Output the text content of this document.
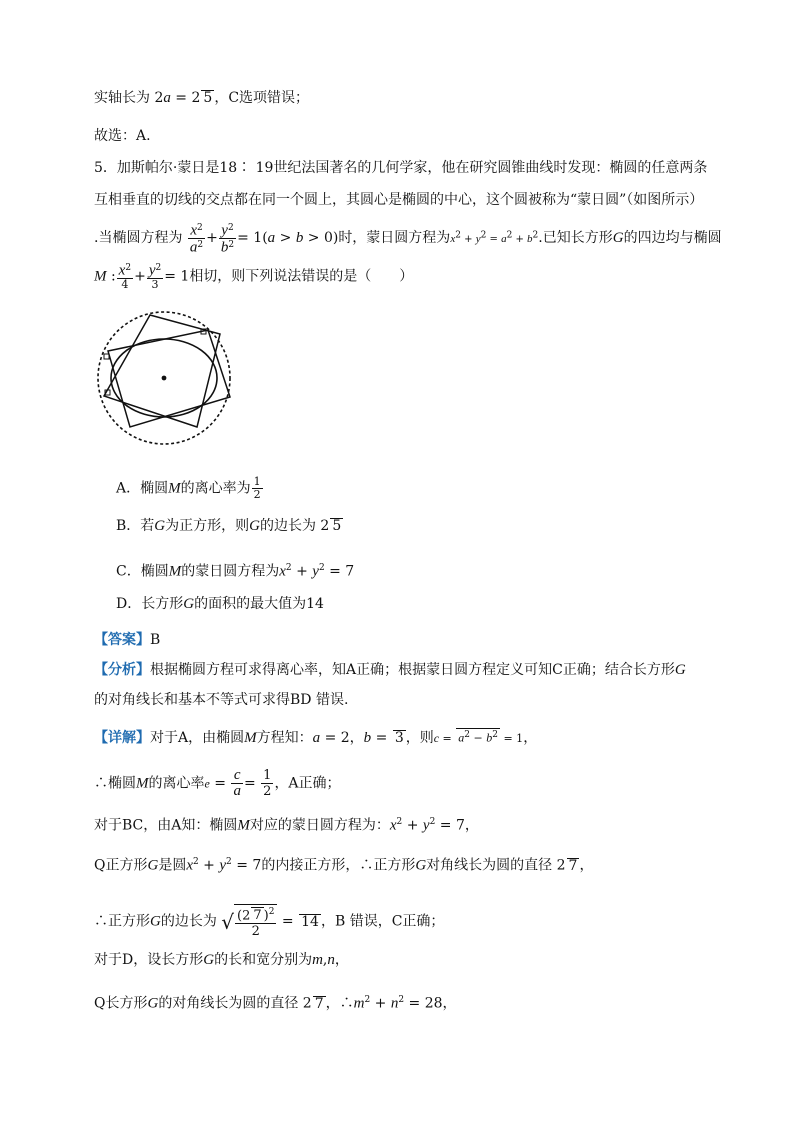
实轴长为 2a = 2 5 ，C选项错误；
故选：A.
5．加斯帕尔·蒙日是18∶ 19世纪法国著名的几何学家，他在研究圆锥曲线时发现：椭圆的任意两条
互相垂直的切线的交点都在同一个圆上，其圆心是椭圆的中心，这个圆被称为“蒙日圆”（如图所示）
.当椭圆方程为 $\frac{x^2}{a^2} + \frac{y^2}{b^2} = 1(a > b > 0)$时，蒙日圆方程为$x^2 + y^2 = a^2 + b^2$.已知长方形G的四边均与椭圆
M : $\frac{x^2}{4} + \frac{y^2}{3} = 1$相切，则下列说法错误的是（　　）
A．椭圆M的离心率为 $\frac{1}{2}$
B．若G为正方形，则G的边长为 2 5
C．椭圆M的蒙日圆方程为$x^2 + y^2 = 7$
D．长方形G的面积的最大值为14
【答案】B
【分析】根据椭圆方程可求得离心率，知A正确；根据蒙日圆方程定义可知C正确；结合长方形G
的对角线长和基本不等式可求得BD 错误.
【详解】对于A，由椭圆M方程知：a = 2，b = 3 ，则$c = a^2 - b^2 = 1$，
∴椭圆M的离心率$e = \frac{c}{a} = \frac{1}{2}$ ，A正确；
对于BC，由A知：椭圆M对应的蒙日圆方程为：$x^2 + y^2 = 7$，
Q正方形G是圆$x^2 + y^2 = 7$的内接正方形，∴正方形G对角线长为圆的直径 2 7 ，
∴正方形G的边长为 √ $\frac{(2 7 )^2}{2} = 14$ ，B 错误，C正确；
对于D，设长方形G的长和宽分别为m,n，
Q长方形G的对角线长为圆的直径 2 7 ，$\therefore m^2 + n^2 = 28$，
